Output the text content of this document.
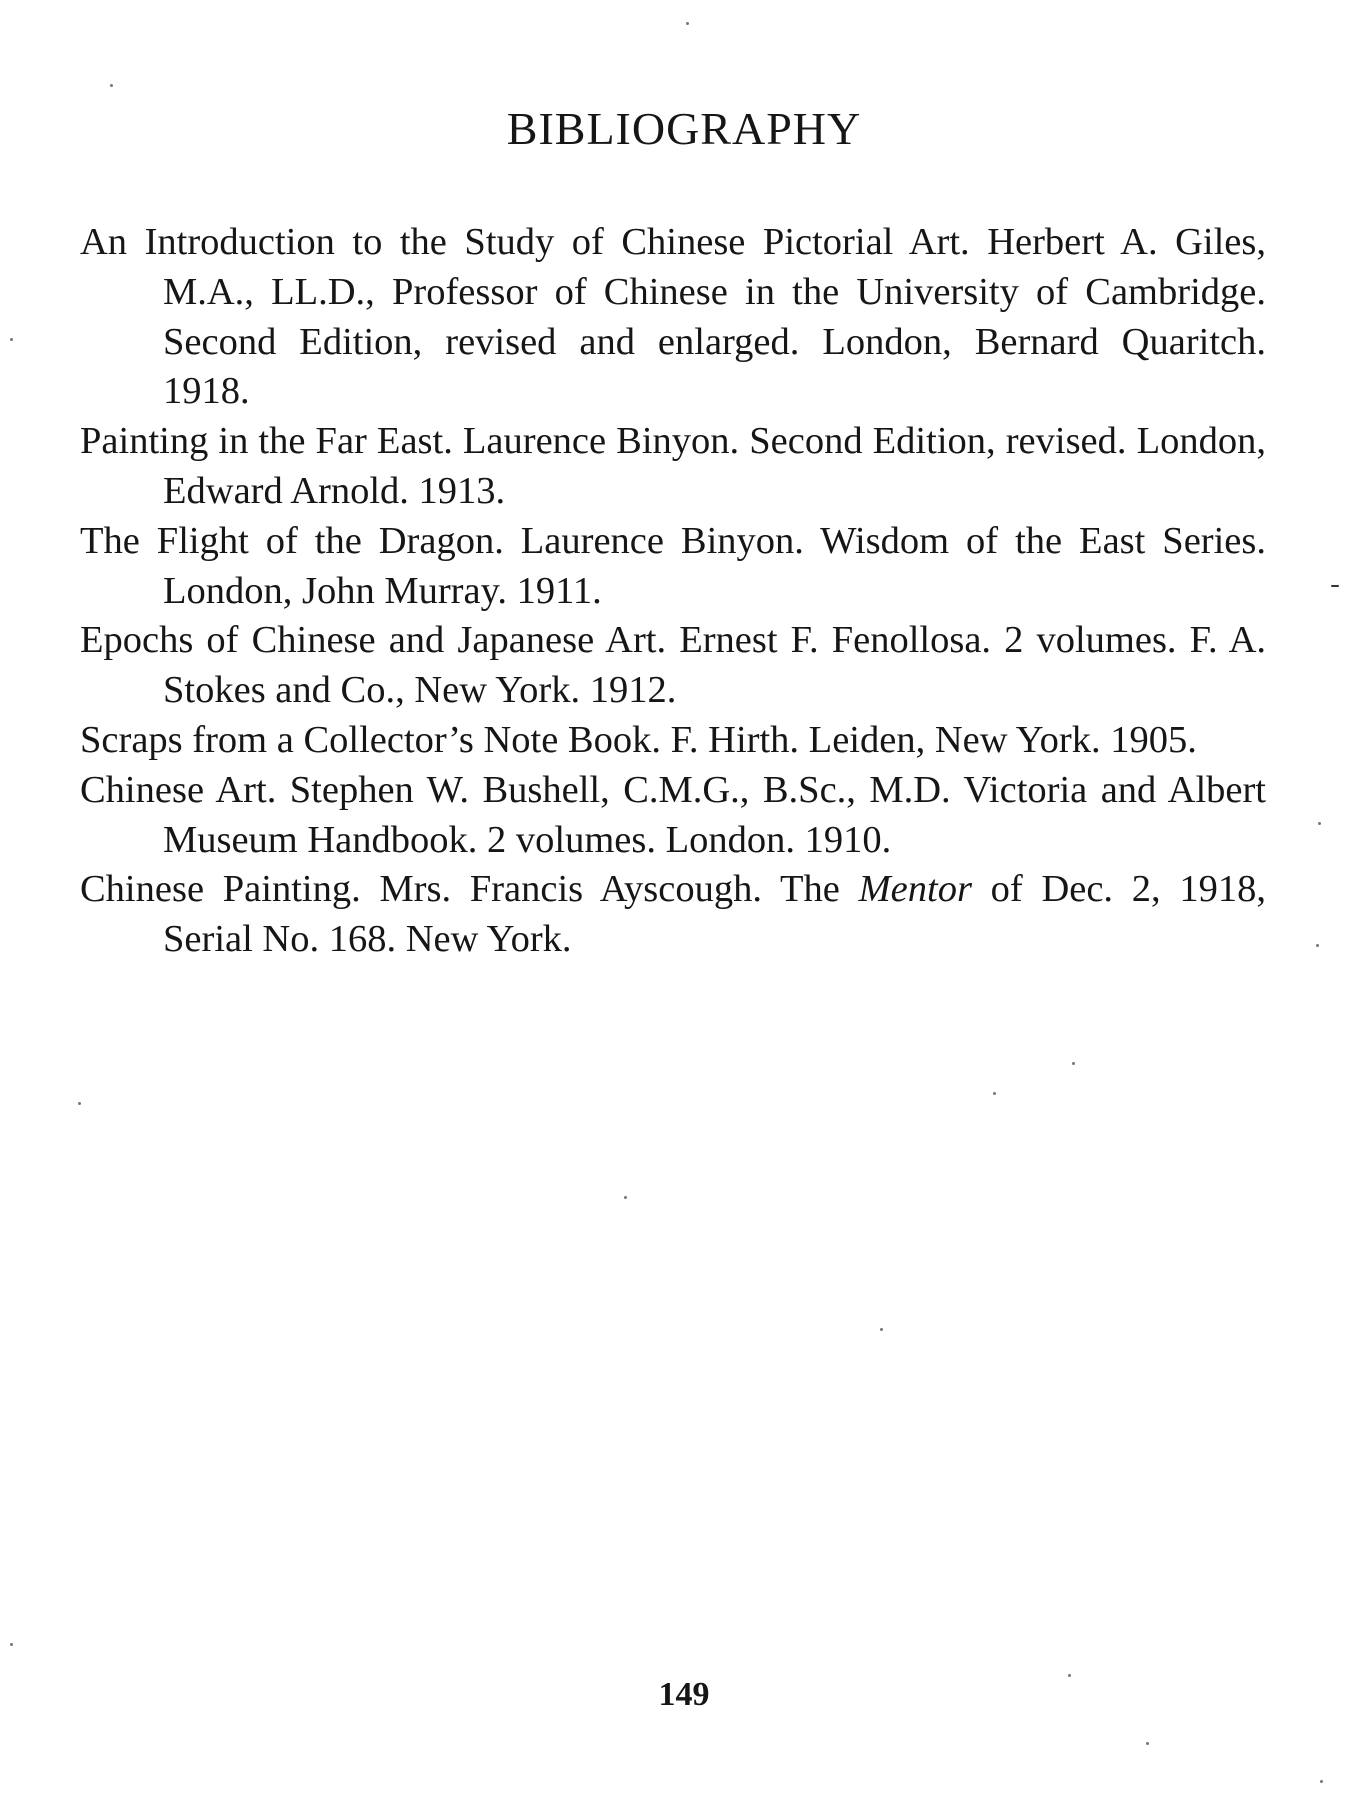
BIBLIOGRAPHY
An Introduction to the Study of Chinese Pictorial Art. Herbert A. Giles, M.A., LL.D., Professor of Chinese in the University of Cambridge. Second Edition, revised and enlarged. London, Bernard Quaritch. 1918.
Painting in the Far East. Laurence Binyon. Second Edition, revised. London, Edward Arnold. 1913.
The Flight of the Dragon. Laurence Binyon. Wisdom of the East Series. London, John Murray. 1911.
Epochs of Chinese and Japanese Art. Ernest F. Fenollosa. 2 volumes. F. A. Stokes and Co., New York. 1912.
Scraps from a Collector’s Note Book. F. Hirth. Leiden, New York. 1905.
Chinese Art. Stephen W. Bushell, C.M.G., B.Sc., M.D. Victoria and Albert Museum Handbook. 2 volumes. London. 1910.
Chinese Painting. Mrs. Francis Ayscough. The Mentor of Dec. 2, 1918, Serial No. 168. New York.
149
